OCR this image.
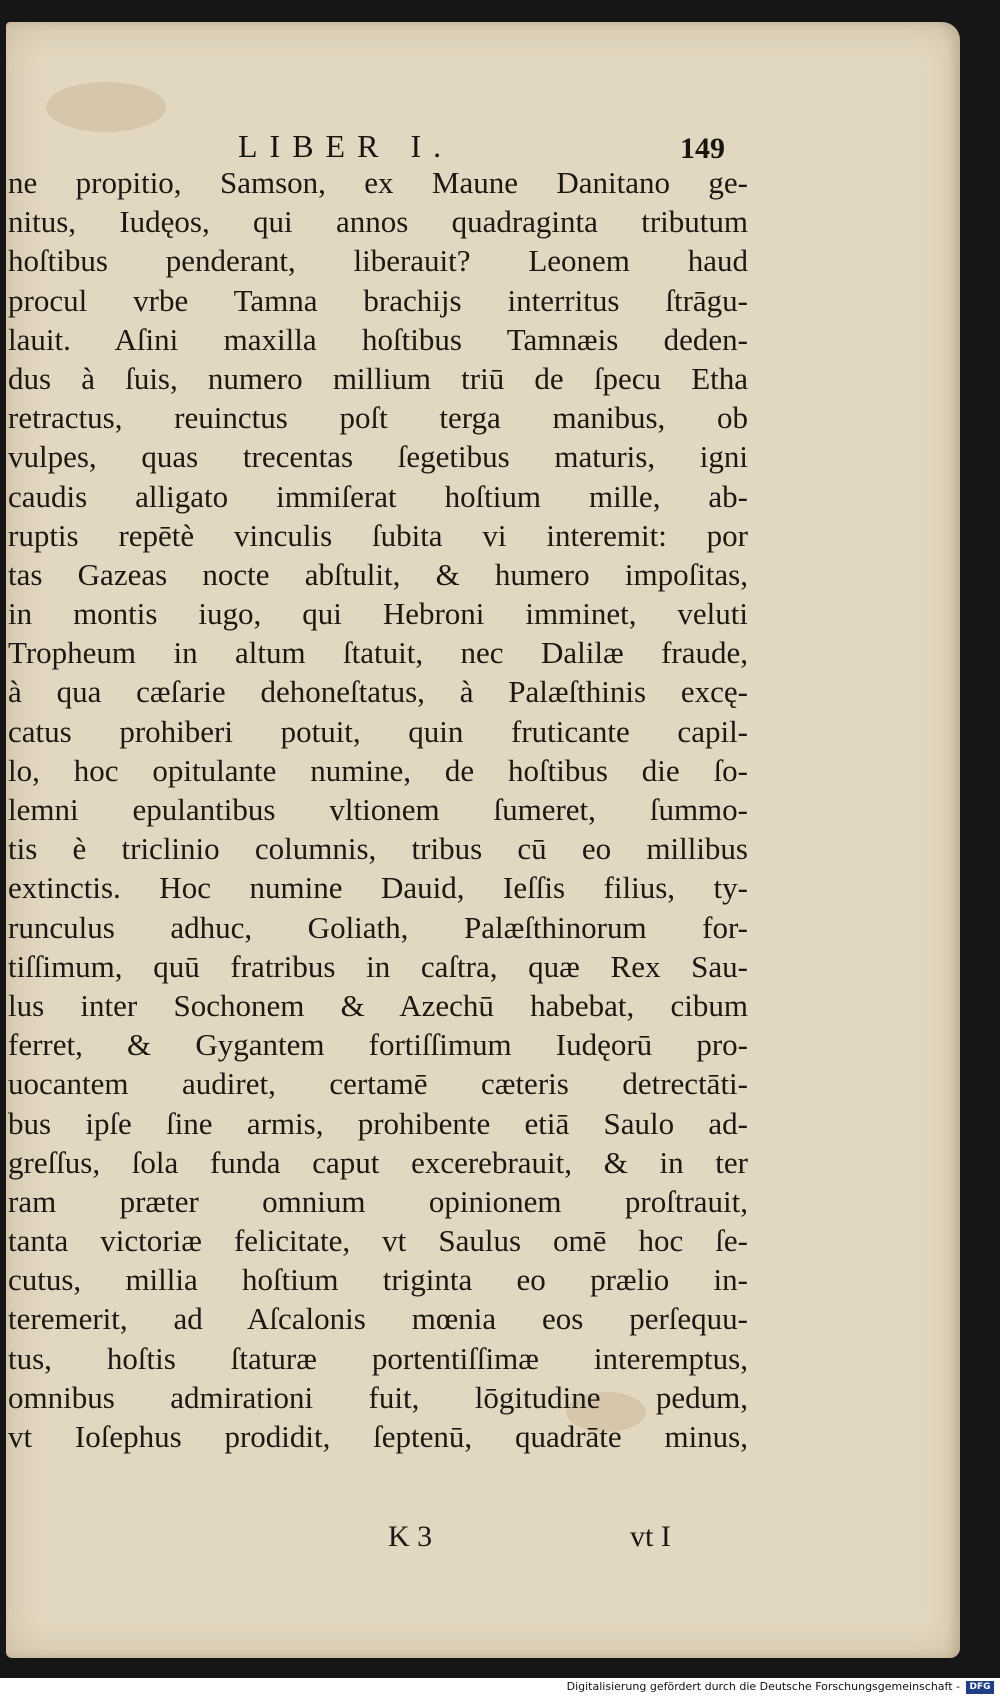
LIBER I.	149
ne propitio, Samson, ex Maune Danitano ge-
nitus, Iudęos, qui annos quadraginta tributum
hoſtibus penderant, liberauit? Leonem haud
procul vrbe Tamna brachijs interritus ſtrāgu-
lauit. Aſini maxilla hoſtibus Tamnæis deden-
dus à ſuis, numero millium triū de ſpecu Etha
retractus, reuinctus poſt terga manibus, ob
vulpes, quas trecentas ſegetibus maturis, igni
caudis alligato immiſerat hoſtium mille, ab-
ruptis repētè vinculis ſubita vi interemit: por
tas Gazeas nocte abſtulit, & humero impoſitas,
in montis iugo, qui Hebroni imminet, veluti
Tropheum in altum ſtatuit, nec Dalilæ fraude,
à qua cæſarie dehoneſtatus, à Palæſthinis excę-
catus prohiberi potuit, quin fruticante capil-
lo, hoc opitulante numine, de hoſtibus die ſo-
lemni epulantibus vltionem ſumeret, ſummo-
tis è triclinio columnis, tribus cū eo millibus
extinctis. Hoc numine Dauid, Ieſſis filius, ty-
runculus adhuc, Goliath, Palæſthinorum for-
tiſſimum, quū fratribus in caſtra, quæ Rex Sau-
lus inter Sochonem & Azechū habebat, cibum
ferret, & Gygantem fortiſſimum Iudęorū pro-
uocantem audiret, certamē cæteris detrectāti-
bus ipſe ſine armis, prohibente etiā Saulo ad-
greſſus, ſola funda caput excerebrauit, & in ter
ram præter omnium opinionem proſtrauit,
tanta victoriæ felicitate, vt Saulus omē hoc ſe-
cutus, millia hoſtium triginta eo prælio in-
teremerit, ad Aſcalonis mœnia eos perſequu-
tus, hoſtis ſtaturæ portentiſſimæ interemptus,
omnibus admirationi fuit, lōgitudine pedum,
vt Ioſephus prodidit, ſeptenū, quadrāte minus,
K 3	vt I
Digitalisierung gefördert durch die Deutsche Forschungsgemeinschaft -	DFG
